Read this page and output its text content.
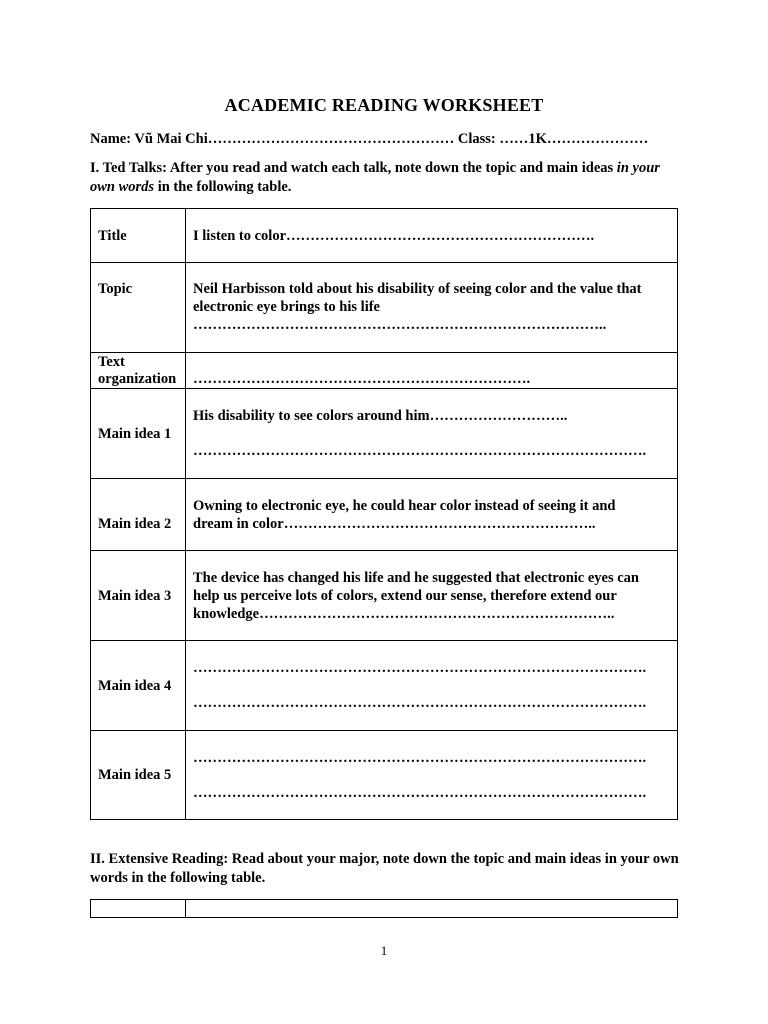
ACADEMIC READING WORKSHEET
Name: Vũ Mai Chi…………………………………………… Class: ……1K…………………
I. Ted Talks: After you read and watch each talk, note down the topic and main ideas in your own words in the following table.
Title	I listen to color……………………………………………………….

Topic	Neil Harbisson told about his disability of seeing color and the value that
electronic eye brings to his life
…………………………………………………………………………..

Text organization	…………………………………………………………….

Main idea 1	His disability to see colors around him………………………..
………………………………………………………………………………….

Main idea 2	Owning to electronic eye, he could hear color instead of seeing it and
dream in color………………………………………………………..

Main idea 3	The device has changed his life and he suggested that electronic eyes can
help us perceive lots of colors, extend our sense, therefore extend our
knowledge………………………………………………………………..

Main idea 4	………………………………………………………………………………….
………………………………………………………………………………….

Main idea 5	………………………………………………………………………………….
………………………………………………………………………………….
II. Extensive Reading: Read about your major, note down the topic and main ideas in your own words in the following table.

1
